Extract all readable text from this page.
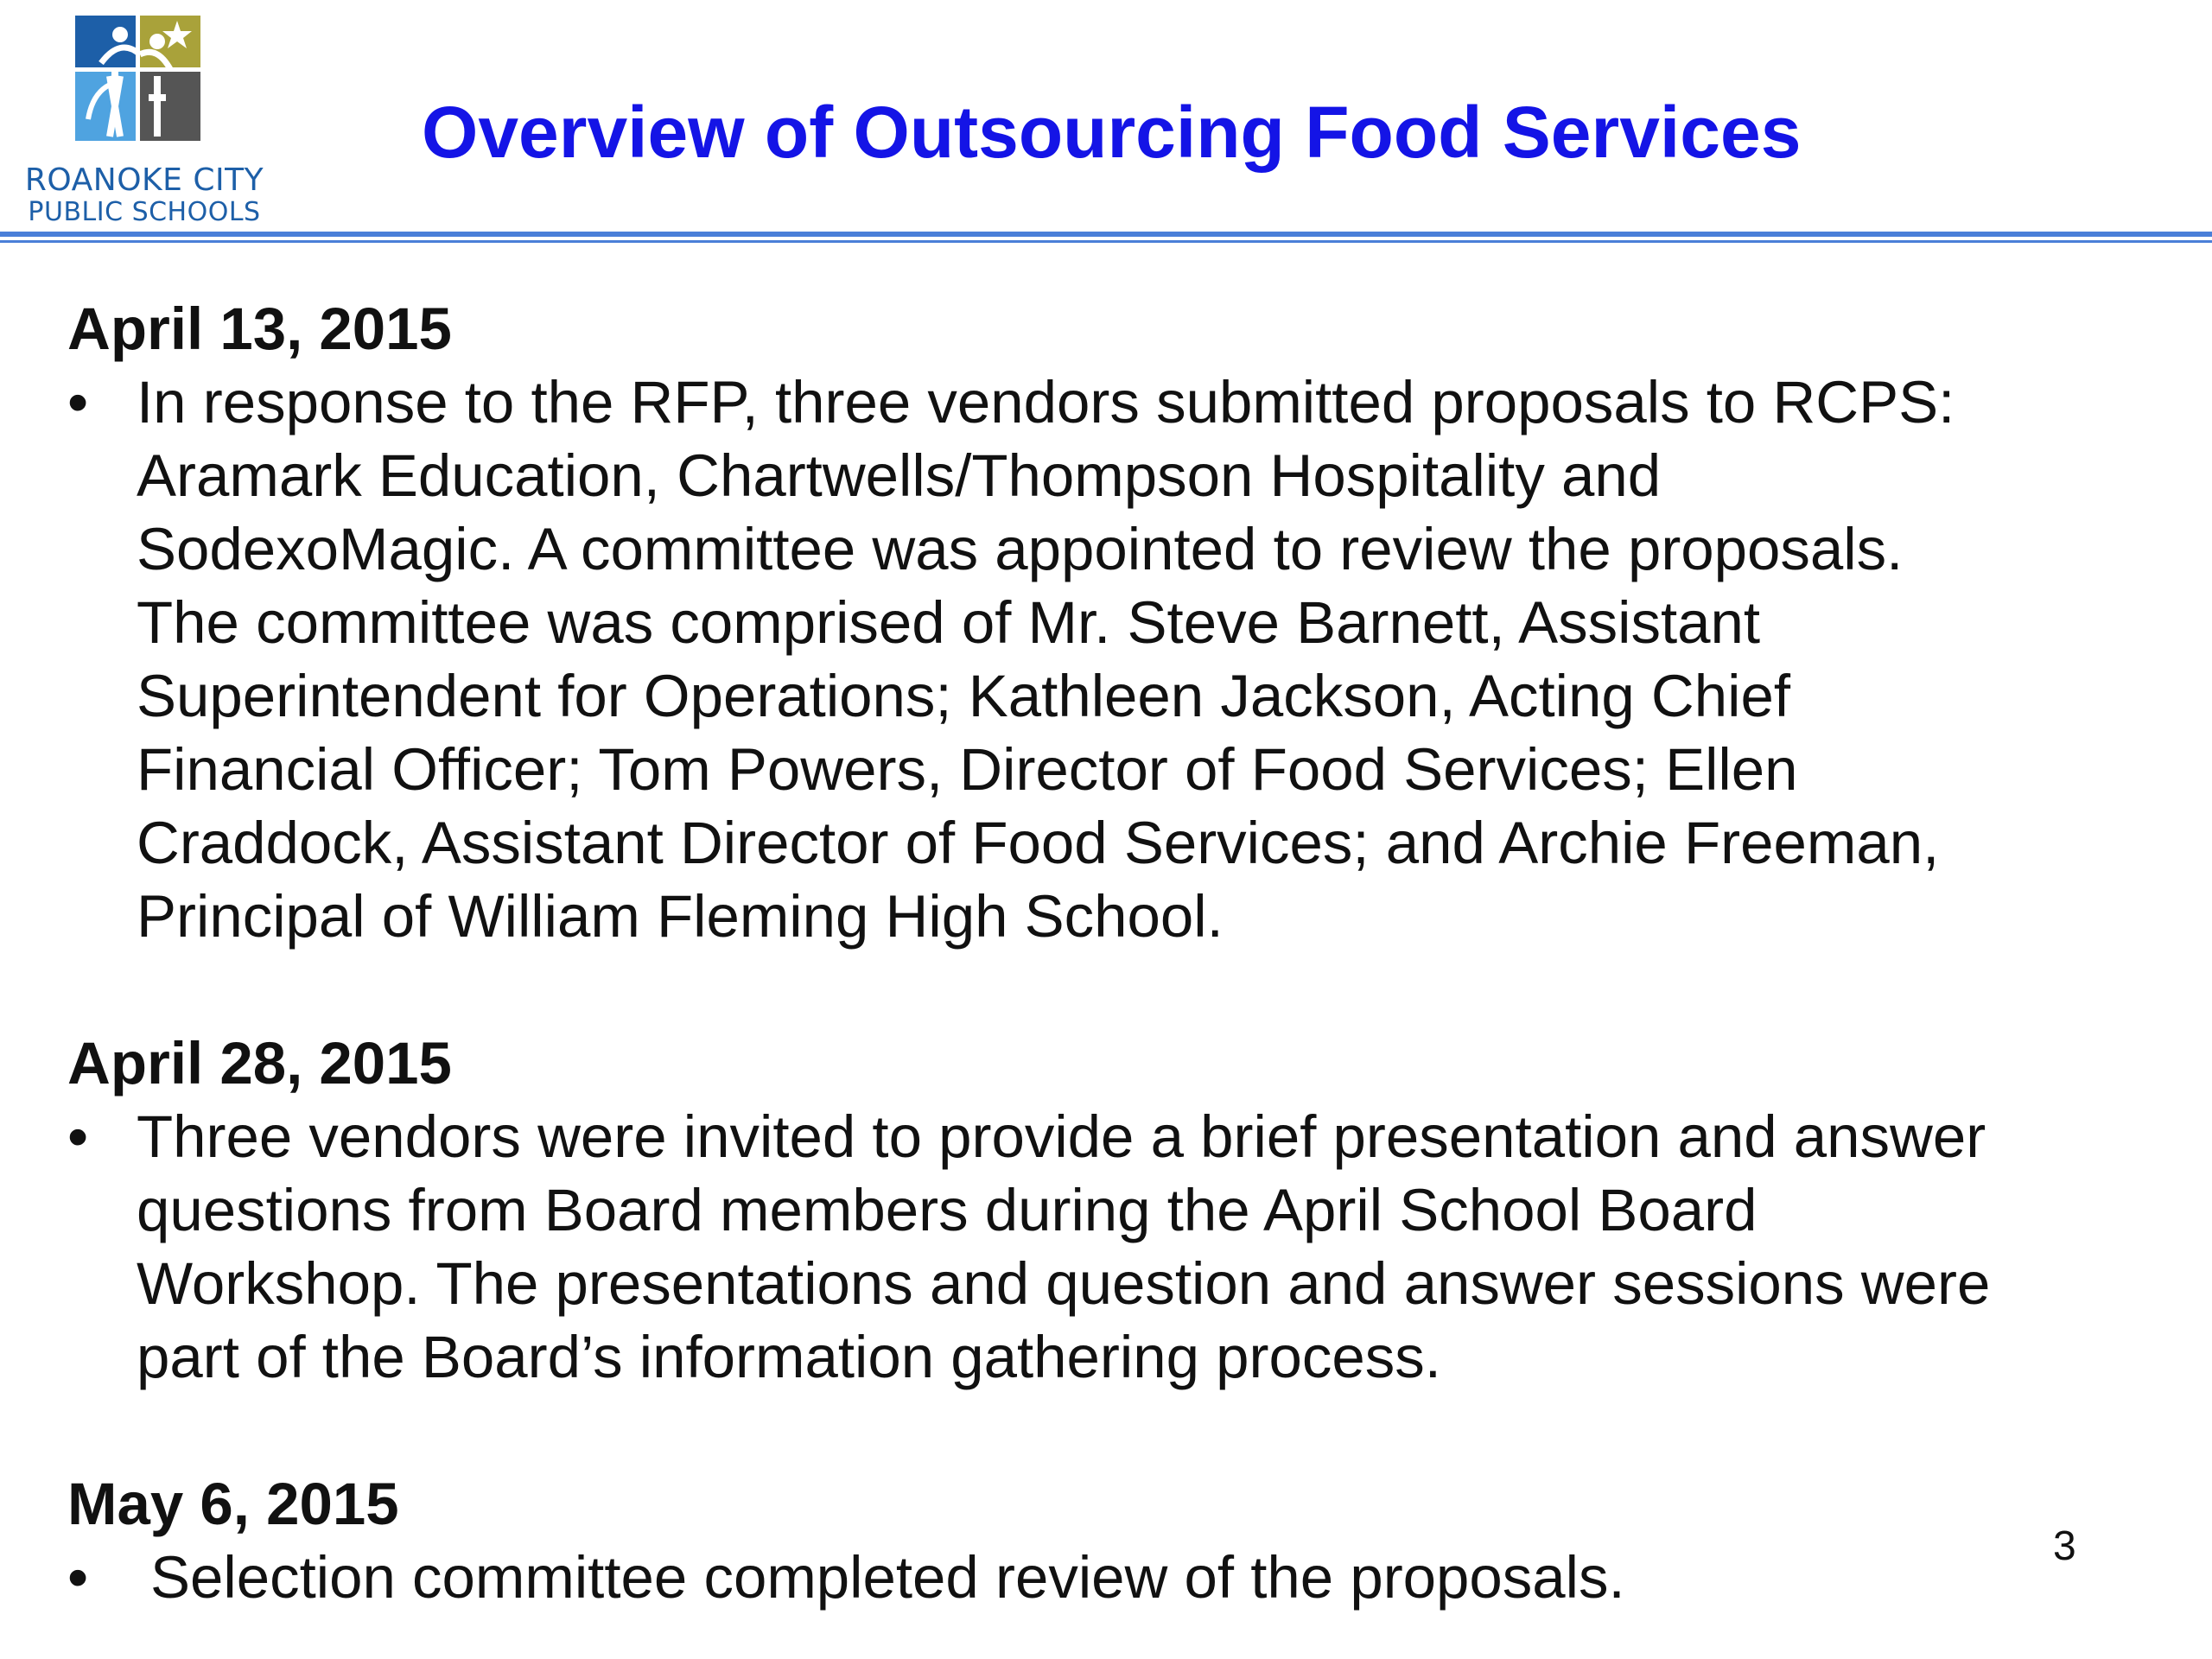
ROANOKE CITY
PUBLIC SCHOOLS
Overview of Outsourcing Food Services
April 13, 2015
• In response to the RFP, three vendors submitted proposals to RCPS:
Aramark Education, Chartwells/Thompson Hospitality and
SodexoMagic. A committee was appointed to review the proposals.
The committee was comprised of Mr. Steve Barnett, Assistant
Superintendent for Operations; Kathleen Jackson, Acting Chief
Financial Officer; Tom Powers, Director of Food Services; Ellen
Craddock, Assistant Director of Food Services; and Archie Freeman,
Principal of William Fleming High School.
April 28, 2015
• Three vendors were invited to provide a brief presentation and answer
questions from Board members during the April School Board
Workshop. The presentations and question and answer sessions were
part of the Board’s information gathering process.
May 6, 2015
• Selection committee completed review of the proposals.	3
